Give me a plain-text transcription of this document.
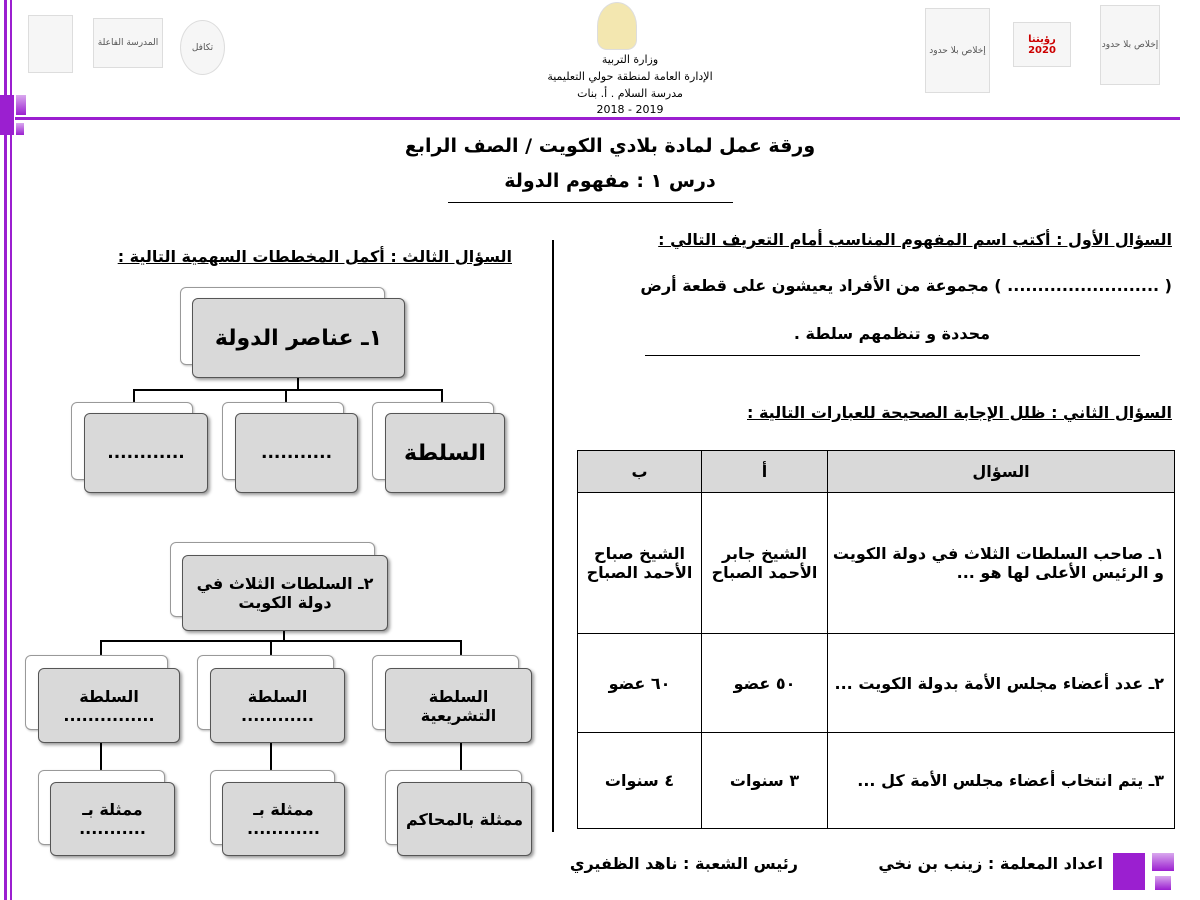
المدرسة الفاعلة	تكافل	إخلاص بلا حدود
رؤيتنا 2020	إخلاص بلا حدود
وزارة التربية
الإدارة العامة لمنطقة حولي التعليمية
مدرسة السلام . أ. بنات
2018 - 2019
ورقة عمل لمادة بلادي الكويت / الصف الرابع
درس ١ : مفهوم الدولة
السؤال الأول : أكتب اسم المفهوم المناسب أمام التعريف التالي :
( ......................... ) مجموعة من الأفراد يعيشون على قطعة أرض
محددة و تنظمهم سلطة .
السؤال الثاني : ظلل الإجابة الصحيحة للعبارات التالية :
السؤال	أ	ب
١ـ صاحب السلطات الثلاث في دولة الكويت و الرئيس الأعلى لها هو ...	الشيخ جابر الأحمد الصباح	الشيخ صباح الأحمد الصباح
٢ـ عدد أعضاء مجلس الأمة بدولة الكويت ...	٥٠ عضو	٦٠ عضو
٣ـ يتم انتخاب أعضاء مجلس الأمة كل ...	٣ سنوات	٤ سنوات
السؤال الثالث : أكمل المخططات السهمية التالية :
١ـ عناصر الدولة
السلطة
...........
............
٢ـ السلطات الثلاث في دولة الكويت
السلطة التشريعية
السلطة ............
السلطة ...............
ممثلة بالمحاكم
ممثلة بـ ............
ممثلة بـ ...........
اعداد المعلمة : زينب بن نخي
رئيس الشعبة : ناهد الظفيري
